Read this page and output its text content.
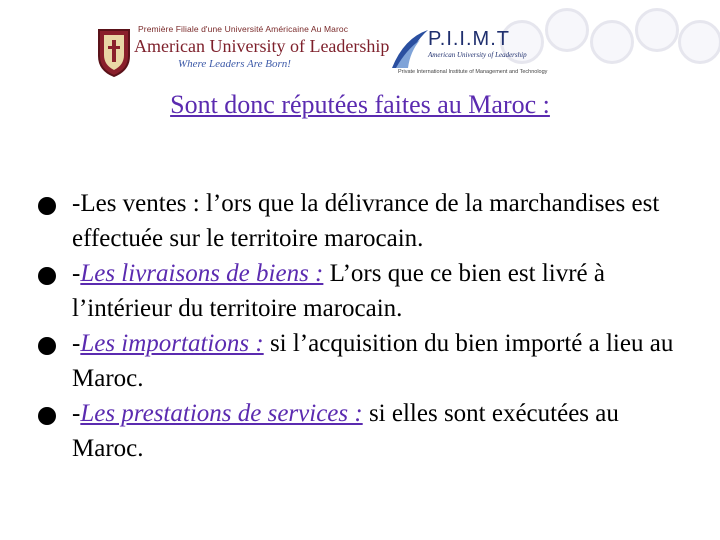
Première Filiale d'une Université Américaine Au Maroc
American University of Leadership
Where Leaders Are Born!
P.I.I.M.T
American University of Leadership
Private International Institute of Management and Technology
Sont donc réputées faites au Maroc :
-Les ventes : l’ors que la délivrance de la marchandises est effectuée sur le territoire marocain.
-Les livraisons de biens : L’ors que ce bien est livré à l’intérieur du territoire marocain.
-Les importations : si l’acquisition du bien importé a lieu au Maroc.
-Les prestations de services : si elles sont exécutées au Maroc.
